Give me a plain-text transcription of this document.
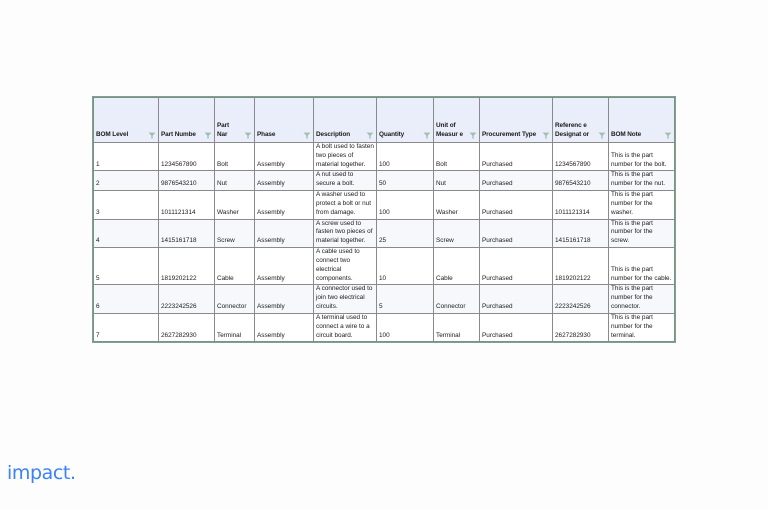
BOM Level	Part Numbe	Part Nar	Phase	Description	Quantity	Unit of Measur e	Procurement Type	Referenc e Designat or	BOM Note

1	1234567890	Bolt	Assembly	A bolt used to fasten two pieces of material together.	100	Bolt	Purchased	1234567890	This is the part number for the bolt.
2	9876543210	Nut	Assembly	A nut used to secure a bolt.	50	Nut	Purchased	9876543210	This is the part number for the nut.
3	1011121314	Washer	Assembly	A washer used to protect a bolt or nut from damage.	100	Washer	Purchased	1011121314	This is the part number for the washer.
4	1415161718	Screw	Assembly	A screw used to fasten two pieces of material together.	25	Screw	Purchased	1415161718	This is the part number for the screw.
5	1819202122	Cable	Assembly	A cable used to connect two electrical components.	10	Cable	Purchased	1819202122	This is the part number for the cable.
6	2223242526	Connector	Assembly	A connector used to join two electrical circuits.	5	Connector	Purchased	2223242526	This is the part number for the connector.
7	2627282930	Terminal	Assembly	A terminal used to connect a wire to a circuit board.	100	Terminal	Purchased	2627282930	This is the part number for the terminal.
impact.
